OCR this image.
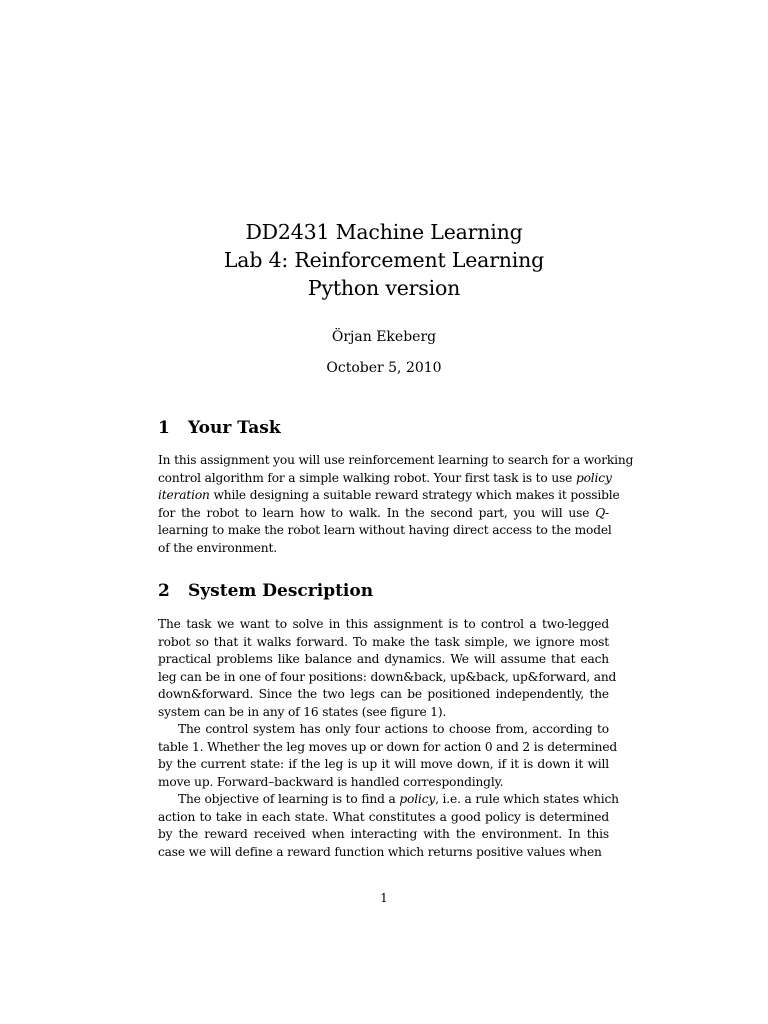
DD2431 Machine Learning
Lab 4: Reinforcement Learning
Python version
Örjan Ekeberg
October 5, 2010
1 Your Task
In this assignment you will use reinforcement learning to search for a working
control algorithm for a simple walking robot. Your first task is to use policy
iteration while designing a suitable reward strategy which makes it possible
for the robot to learn how to walk. In the second part, you will use Q-
learning to make the robot learn without having direct access to the model
of the environment.
2 System Description
The task we want to solve in this assignment is to control a two-legged
robot so that it walks forward. To make the task simple, we ignore most
practical problems like balance and dynamics. We will assume that each
leg can be in one of four positions: down&back, up&back, up&forward, and
down&forward. Since the two legs can be positioned independently, the
system can be in any of 16 states (see figure 1).
The control system has only four actions to choose from, according to
table 1. Whether the leg moves up or down for action 0 and 2 is determined
by the current state: if the leg is up it will move down, if it is down it will
move up. Forward–backward is handled correspondingly.
The objective of learning is to find a policy, i.e. a rule which states which
action to take in each state. What constitutes a good policy is determined
by the reward received when interacting with the environment. In this
case we will define a reward function which returns positive values when
1
